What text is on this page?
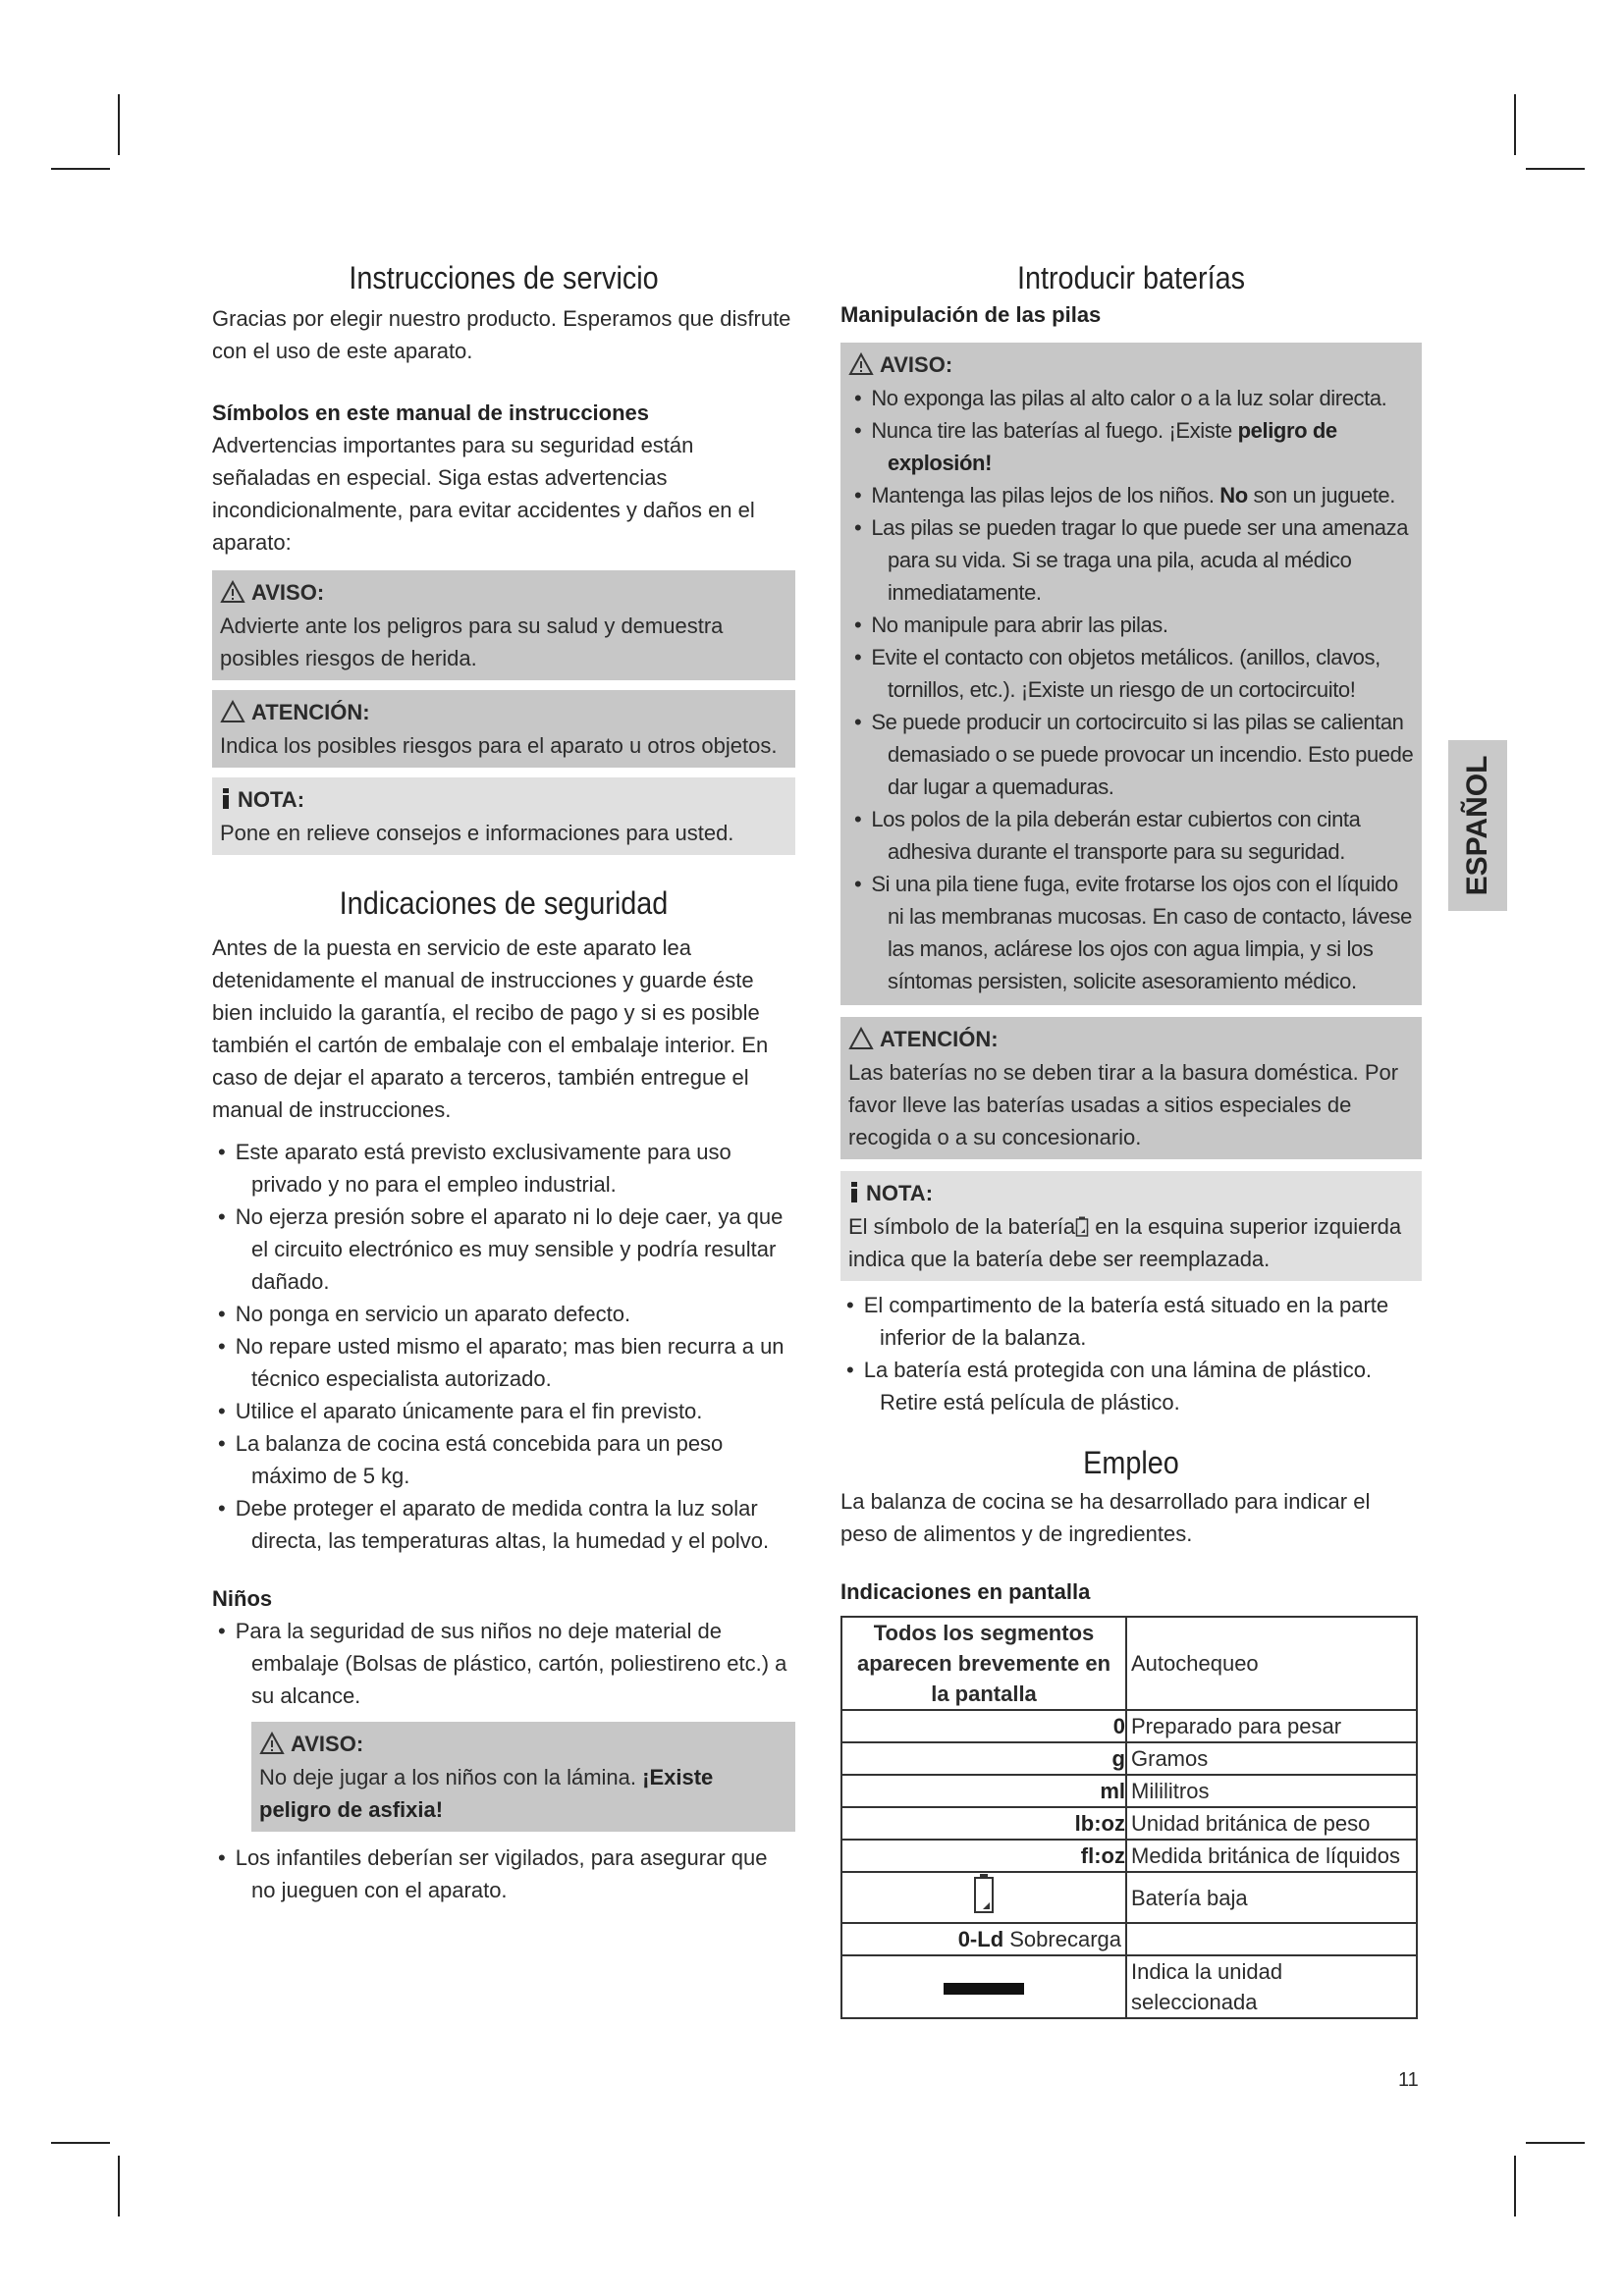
Instrucciones de servicio

Gracias por elegir nuestro producto. Esperamos que disfrute con el uso de este aparato.

Símbolos en este manual de instrucciones

Advertencias importantes para su seguridad están señaladas en especial. Siga estas advertencias incondicionalmente, para evitar accidentes y daños en el aparato:

AVISO:

Advierte ante los peligros para su salud y demuestra posibles riesgos de herida.

ATENCIÓN:

Indica los posibles riesgos para el aparato u otros objetos.

NOTA:

Pone en relieve consejos e informaciones para usted.

Indicaciones de seguridad

Antes de la puesta en servicio de este aparato lea detenidamente el manual de instrucciones y guarde éste bien incluido la garantía, el recibo de pago y si es posible también el cartón de embalaje con el embalaje interior. En caso de dejar el aparato a terceros, también entregue el manual de instrucciones.

• Este aparato está previsto exclusivamente para uso privado y no para el empleo industrial.
• No ejerza presión sobre el aparato ni lo deje caer, ya que el circuito electrónico es muy sensible y podría resultar dañado.
• No ponga en servicio un aparato defecto.
• No repare usted mismo el aparato; mas bien recurra a un técnico especialista autorizado.
• Utilice el aparato únicamente para el fin previsto.
• La balanza de cocina está concebida para un peso máximo de 5 kg.
• Debe proteger el aparato de medida contra la luz solar directa, las temperaturas altas, la humedad y el polvo.
Niños
• Para la seguridad de sus niños no deje material de embalaje (Bolsas de plástico, cartón, poliestireno etc.) a su alcance.
AVISO:

No deje jugar a los niños con la lámina. ¡Existe peligro de asfixia!

• Los infantiles deberían ser vigilados, para asegurar que no jueguen con el aparato.
Introducir baterías
Manipulación de las pilas
AVISO:
• No exponga las pilas al alto calor o a la luz solar directa.
• Nunca tire las baterías al fuego. ¡Existe peligro de explosión!
• Mantenga las pilas lejos de los niños. No son un juguete.
• Las pilas se pueden tragar lo que puede ser una amenaza para su vida. Si se traga una pila, acuda al médico inmediatamente.
• No manipule para abrir las pilas.
• Evite el contacto con objetos metálicos. (anillos, clavos, tornillos, etc.). ¡Existe un riesgo de un cortocircuito!
• Se puede producir un cortocircuito si las pilas se calientan demasiado o se puede provocar un incendio. Esto puede dar lugar a quemaduras.
• Los polos de la pila deberán estar cubiertos con cinta adhesiva durante el transporte para su seguridad.
• Si una pila tiene fuga, evite frotarse los ojos con el líquido ni las membranas mucosas. En caso de contacto, lávese las manos, aclárese los ojos con agua limpia, y si los síntomas persisten, solicite asesoramiento médico.
ATENCIÓN:

Las baterías no se deben tirar a la basura doméstica. Por favor lleve las baterías usadas a sitios especiales de recogida o a su concesionario.

NOTA:

El símbolo de la batería en la esquina superior izquierda indica que la batería debe ser reemplazada.

• El compartimento de la batería está situado en la parte inferior de la balanza.
• La batería está protegida con una lámina de plástico. Retire está película de plástico.
Empleo

La balanza de cocina se ha desarrollado para indicar el peso de alimentos y de ingredientes.

Indicaciones en pantalla
Todos los segmentos aparecen brevemente en la pantalla	Autochequeo
0	Preparado para pesar
g	Gramos
ml	Mililitros
lb:oz	Unidad británica de peso
fl:oz	Medida británica de líquidos
	Batería baja
0-Ld Sobrecarga	
	Indica la unidad seleccionada
ESPAÑOL
11
